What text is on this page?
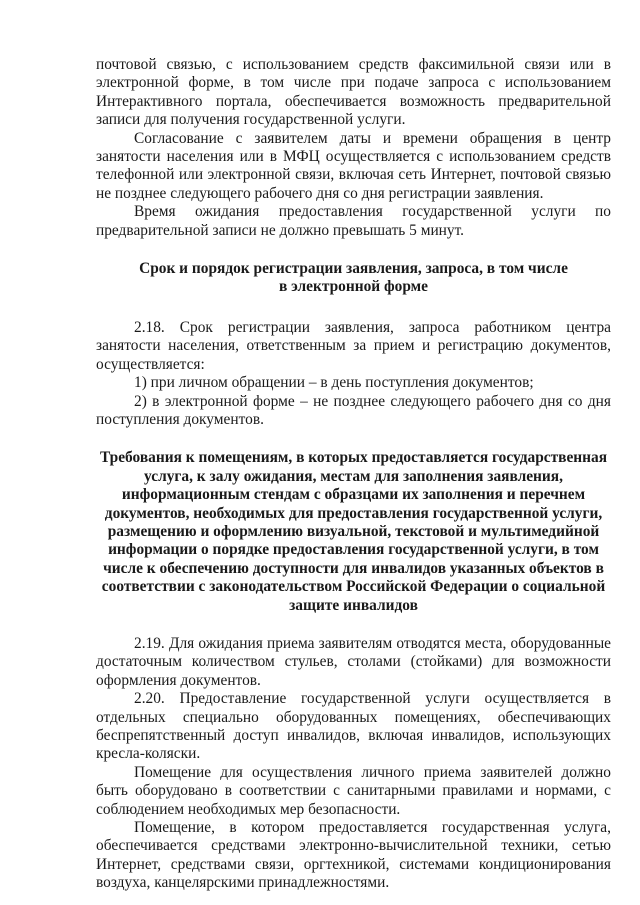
почтовой связью, с использованием средств факсимильной связи или в электронной форме, в том числе при подаче запроса с использованием Интерактивного портала, обеспечивается возможность предварительной записи для получения государственной услуги.

Согласование с заявителем даты и времени обращения в центр занятости населения или в МФЦ осуществляется с использованием средств телефонной или электронной связи, включая сеть Интернет, почтовой связью не позднее следующего рабочего дня со дня регистрации заявления.

Время ожидания предоставления государственной услуги по предварительной записи не должно превышать 5 минут.

Срок и порядок регистрации заявления, запроса, в том числе в электронной форме

2.18. Срок регистрации заявления, запроса работником центра занятости населения, ответственным за прием и регистрацию документов, осуществляется:

1) при личном обращении – в день поступления документов;

2) в электронной форме – не позднее следующего рабочего дня со дня поступления документов.

Требования к помещениям, в которых предоставляется государственная услуга, к залу ожидания, местам для заполнения заявления, информационным стендам с образцами их заполнения и перечнем документов, необходимых для предоставления государственной услуги, размещению и оформлению визуальной, текстовой и мультимедийной информации о порядке предоставления государственной услуги, в том числе к обеспечению доступности для инвалидов указанных объектов в соответствии с законодательством Российской Федерации о социальной защите инвалидов

2.19. Для ожидания приема заявителям отводятся места, оборудованные достаточным количеством стульев, столами (стойками) для возможности оформления документов.

2.20. Предоставление государственной услуги осуществляется в отдельных специально оборудованных помещениях, обеспечивающих беспрепятственный доступ инвалидов, включая инвалидов, использующих кресла-коляски.

Помещение для осуществления личного приема заявителей должно быть оборудовано в соответствии с санитарными правилами и нормами, с соблюдением необходимых мер безопасности.

Помещение, в котором предоставляется государственная услуга, обеспечивается средствами электронно-вычислительной техники, сетью Интернет, средствами связи, оргтехникой, системами кондиционирования воздуха, канцелярскими принадлежностями.
